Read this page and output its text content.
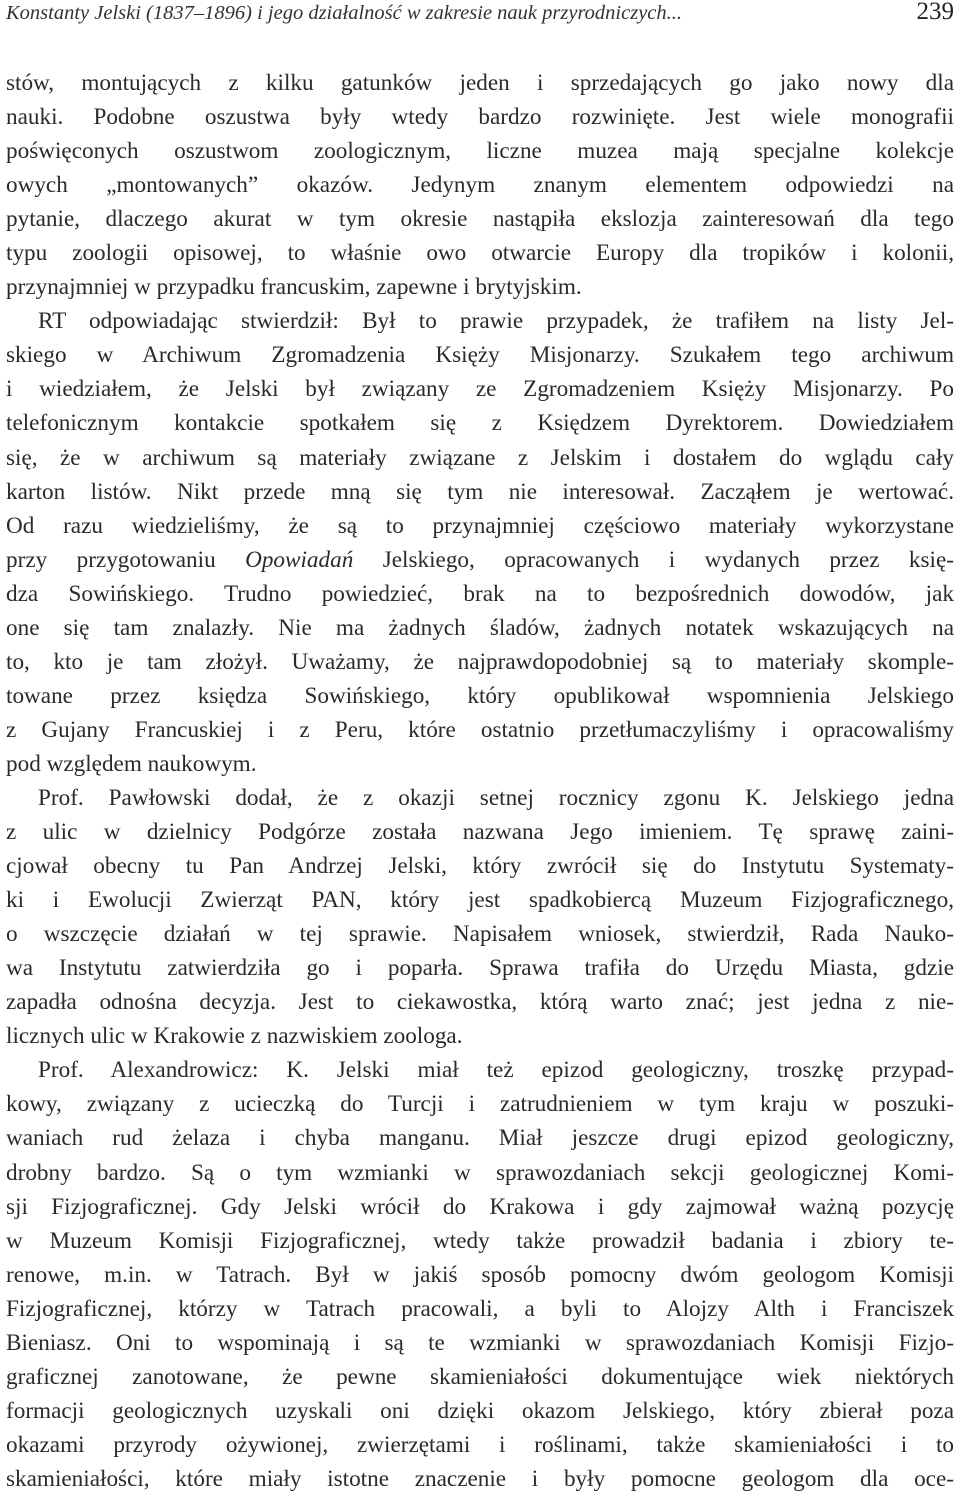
Konstanty Jelski (1837–1896) i jego działalność w zakresie nauk przyrodniczych...	239
stów, montujących z kilku gatunków jeden i sprzedających go jako nowy dla
nauki. Podobne oszustwa były wtedy bardzo rozwinięte. Jest wiele monografii
poświęconych oszustwom zoologicznym, liczne muzea mają specjalne kolekcje
owych „montowanych” okazów. Jedynym znanym elementem odpowiedzi na
pytanie, dlaczego akurat w tym okresie nastąpiła ekslozja zainteresowań dla tego
typu zoologii opisowej, to właśnie owo otwarcie Europy dla tropików i kolonii,
przynajmniej w przypadku francuskim, zapewne i brytyjskim.
RT odpowiadając stwierdził: Był to prawie przypadek, że trafiłem na listy Jel-
skiego w Archiwum Zgromadzenia Księży Misjonarzy. Szukałem tego archiwum
i wiedziałem, że Jelski był związany ze Zgromadzeniem Księży Misjonarzy. Po
telefonicznym kontakcie spotkałem się z Księdzem Dyrektorem. Dowiedziałem
się, że w archiwum są materiały związane z Jelskim i dostałem do wglądu cały
karton listów. Nikt przede mną się tym nie interesował. Zacząłem je wertować.
Od razu wiedzieliśmy, że są to przynajmniej częściowo materiały wykorzystane
przy przygotowaniu Opowiadań Jelskiego, opracowanych i wydanych przez księ-
dza Sowińskiego. Trudno powiedzieć, brak na to bezpośrednich dowodów, jak
one się tam znalazły. Nie ma żadnych śladów, żadnych notatek wskazujących na
to, kto je tam złożył. Uważamy, że najprawdopodobniej są to materiały skomple-
towane przez księdza Sowińskiego, który opublikował wspomnienia Jelskiego
z Gujany Francuskiej i z Peru, które ostatnio przetłumaczyliśmy i opracowaliśmy
pod względem naukowym.
Prof. Pawłowski dodał, że z okazji setnej rocznicy zgonu K. Jelskiego jedna
z ulic w dzielnicy Podgórze została nazwana Jego imieniem. Tę sprawę zaini-
cjował obecny tu Pan Andrzej Jelski, który zwrócił się do Instytutu Systematy-
ki i Ewolucji Zwierząt PAN, który jest spadkobiercą Muzeum Fizjograficznego,
o wszczęcie działań w tej sprawie. Napisałem wniosek, stwierdził, Rada Nauko-
wa Instytutu zatwierdziła go i poparła. Sprawa trafiła do Urzędu Miasta, gdzie
zapadła odnośna decyzja. Jest to ciekawostka, którą warto znać; jest jedna z nie-
licznych ulic w Krakowie z nazwiskiem zoologa.
Prof. Alexandrowicz: K. Jelski miał też epizod geologiczny, troszkę przypad-
kowy, związany z ucieczką do Turcji i zatrudnieniem w tym kraju w poszuki-
waniach rud żelaza i chyba manganu. Miał jeszcze drugi epizod geologiczny,
drobny bardzo. Są o tym wzmianki w sprawozdaniach sekcji geologicznej Komi-
sji Fizjograficznej. Gdy Jelski wrócił do Krakowa i gdy zajmował ważną pozycję
w Muzeum Komisji Fizjograficznej, wtedy także prowadził badania i zbiory te-
renowe, m.in. w Tatrach. Był w jakiś sposób pomocny dwóm geologom Komisji
Fizjograficznej, którzy w Tatrach pracowali, a byli to Alojzy Alth i Franciszek
Bieniasz. Oni to wspominają i są te wzmianki w sprawozdaniach Komisji Fizjo-
graficznej zanotowane, że pewne skamieniałości dokumentujące wiek niektórych
formacji geologicznych uzyskali oni dzięki okazom Jelskiego, który zbierał poza
okazami przyrody ożywionej, zwierzętami i roślinami, także skamieniałości i to
skamieniałości, które miały istotne znaczenie i były pomocne geologom dla oce-
